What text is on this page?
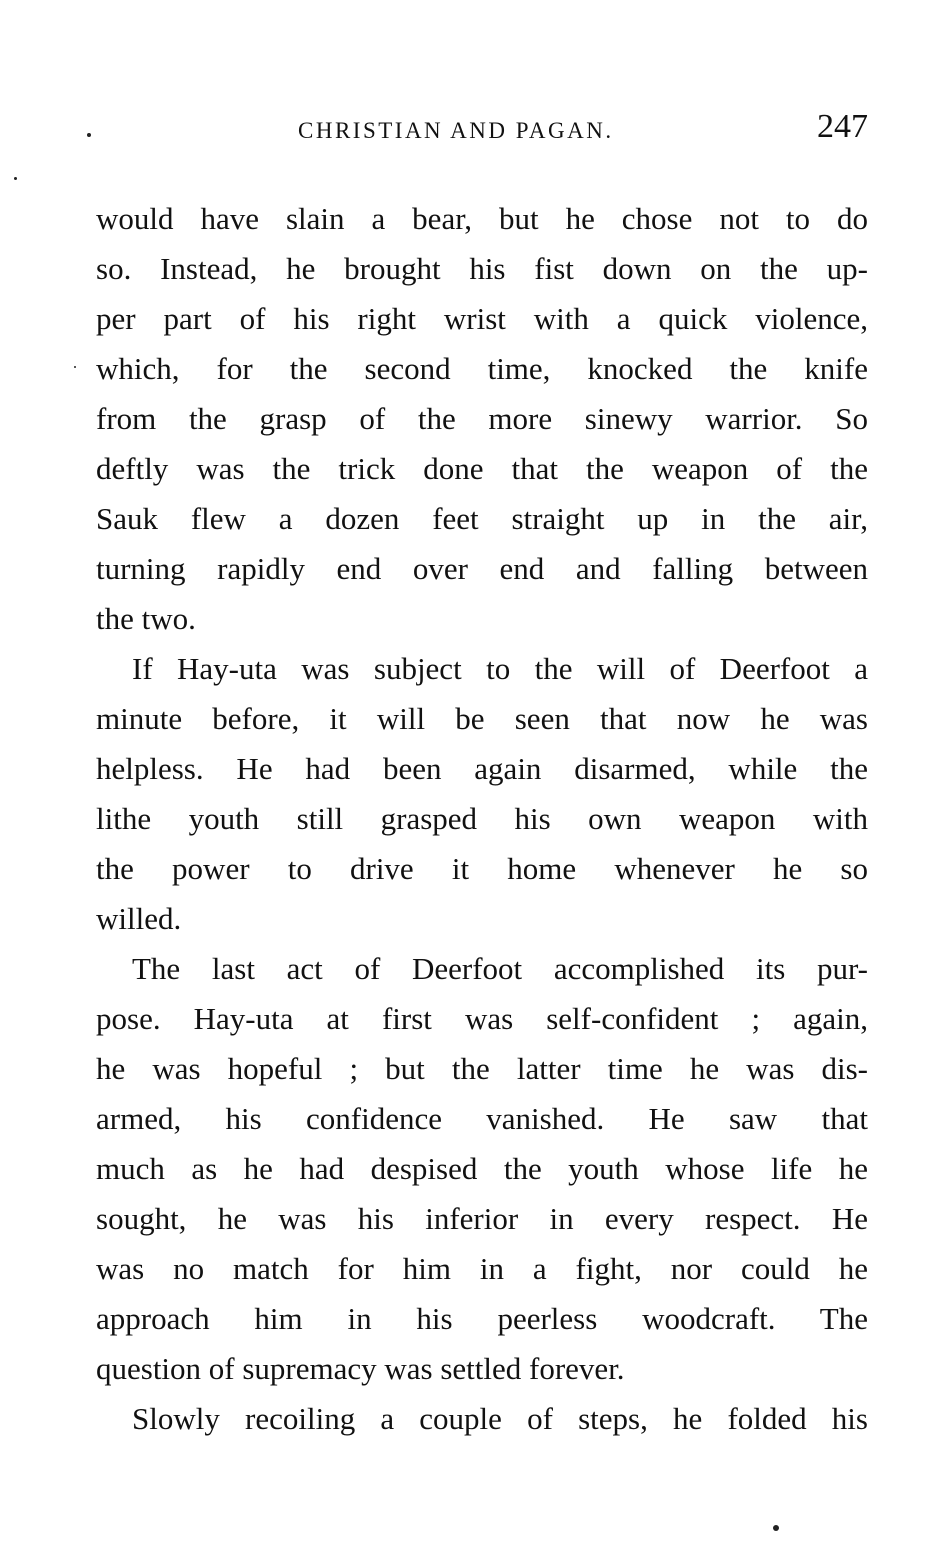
CHRISTIAN AND PAGAN.	247
would have slain a bear, but he chose not to do
so. Instead, he brought his fist down on the up-
per part of his right wrist with a quick violence,
which, for the second time, knocked the knife
from the grasp of the more sinewy warrior. So
deftly was the trick done that the weapon of the
Sauk flew a dozen feet straight up in the air,
turning rapidly end over end and falling between
the two.
If Hay-uta was subject to the will of Deerfoot a
minute before, it will be seen that now he was
helpless. He had been again disarmed, while the
lithe youth still grasped his own weapon with
the power to drive it home whenever he so
willed.
The last act of Deerfoot accomplished its pur-
pose. Hay-uta at first was self-confident ; again,
he was hopeful ; but the latter time he was dis-
armed, his confidence vanished. He saw that
much as he had despised the youth whose life he
sought, he was his inferior in every respect. He
was no match for him in a fight, nor could he
approach him in his peerless woodcraft. The
question of supremacy was settled forever.
Slowly recoiling a couple of steps, he folded his
